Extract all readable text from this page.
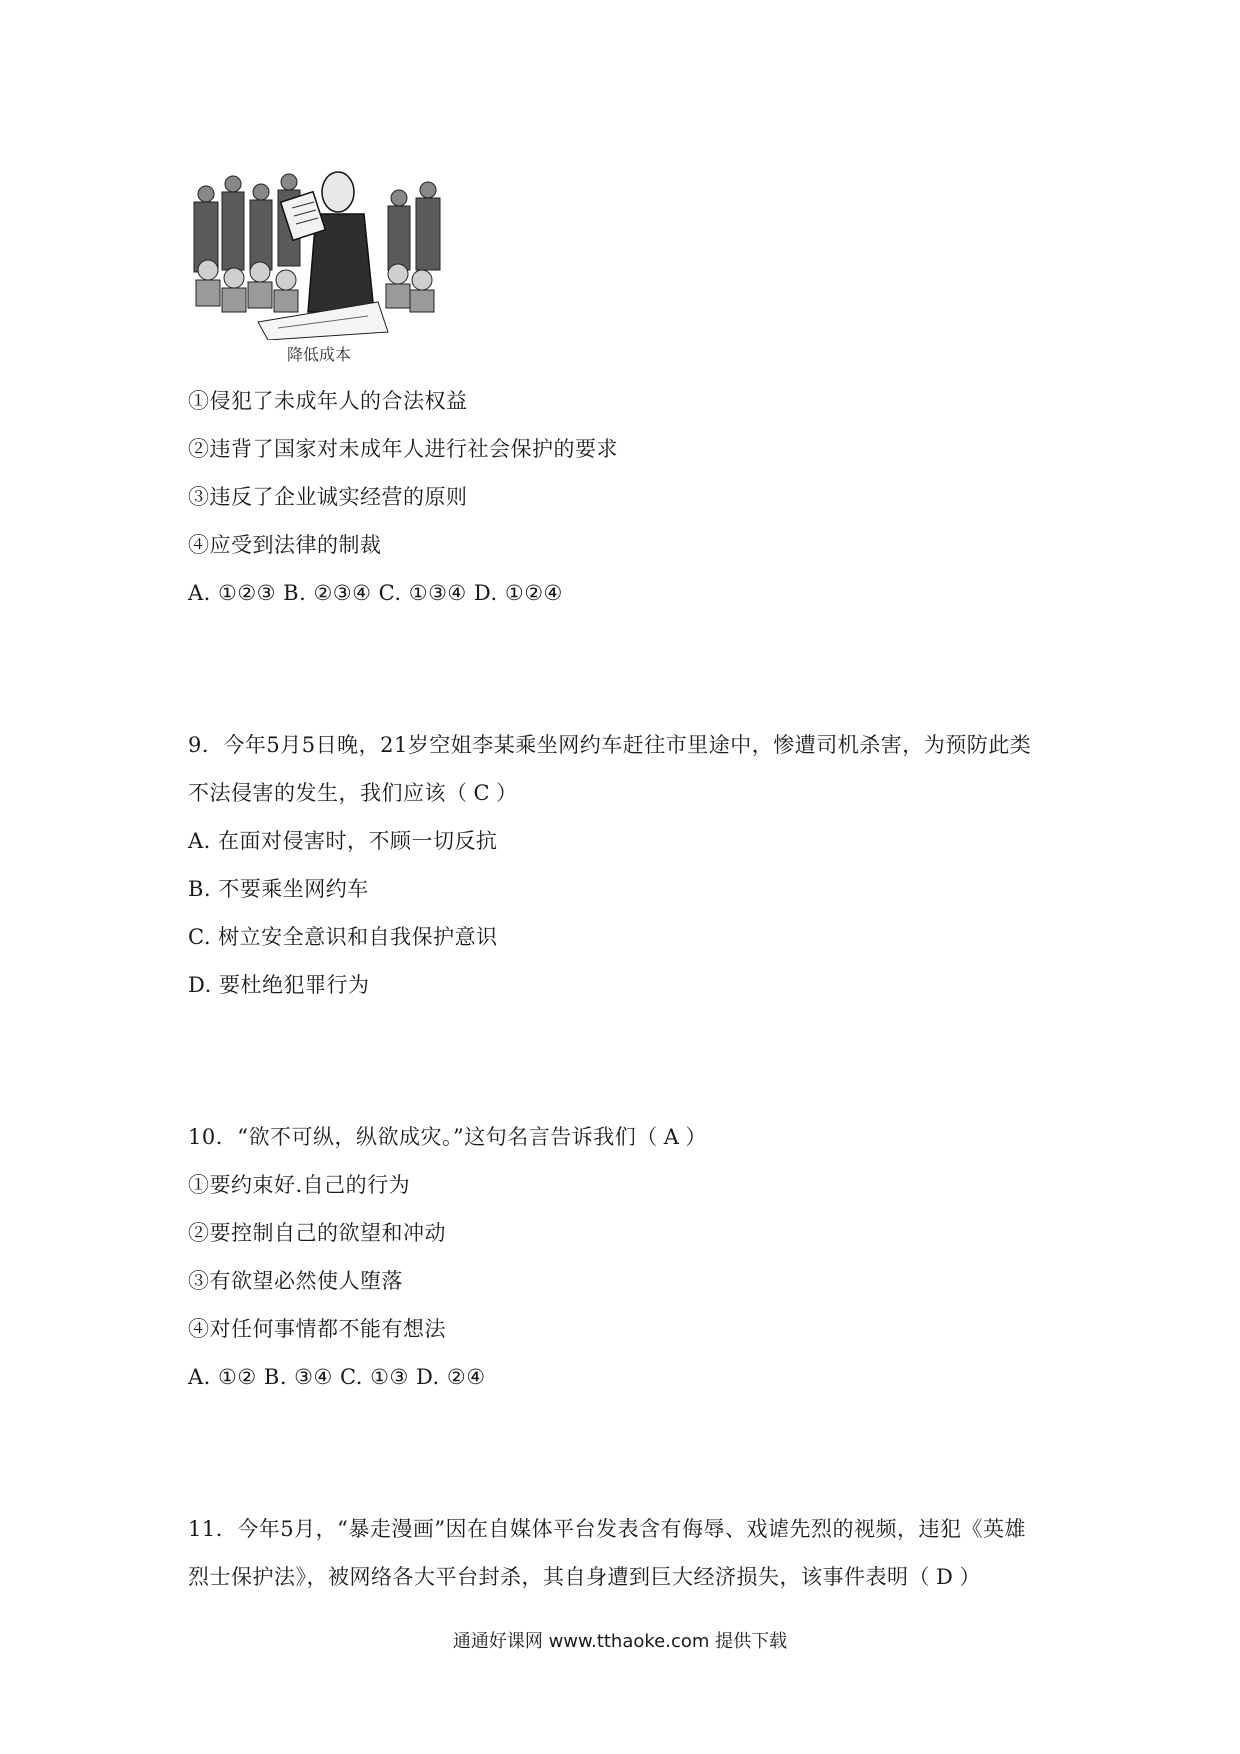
降低成本
①侵犯了未成年人的合法权益
②违背了国家对未成年人进行社会保护的要求
③违反了企业诚实经营的原则
④应受到法律的制裁
A. ①②③ B. ②③④ C. ①③④ D. ①②④
9．今年5月5日晚，21岁空姐李某乘坐网约车赶往市里途中，惨遭司机杀害，为预防此类
不法侵害的发生，我们应该（ C ）
A. 在面对侵害时，不顾一切反抗
B. 不要乘坐网约车
C. 树立安全意识和自我保护意识
D. 要杜绝犯罪行为
10．“欲不可纵，纵欲成灾。”这句名言告诉我们（ A ）
①要约束好.自己的行为
②要控制自己的欲望和冲动
③有欲望必然使人堕落
④对任何事情都不能有想法
A. ①② B. ③④ C. ①③ D. ②④
11．今年5月，“暴走漫画”因在自媒体平台发表含有侮辱、戏谑先烈的视频，违犯《英雄
烈士保护法》，被网络各大平台封杀，其自身遭到巨大经济损失，该事件表明（ D ）
通通好课网 www.tthaoke.com 提供下载
